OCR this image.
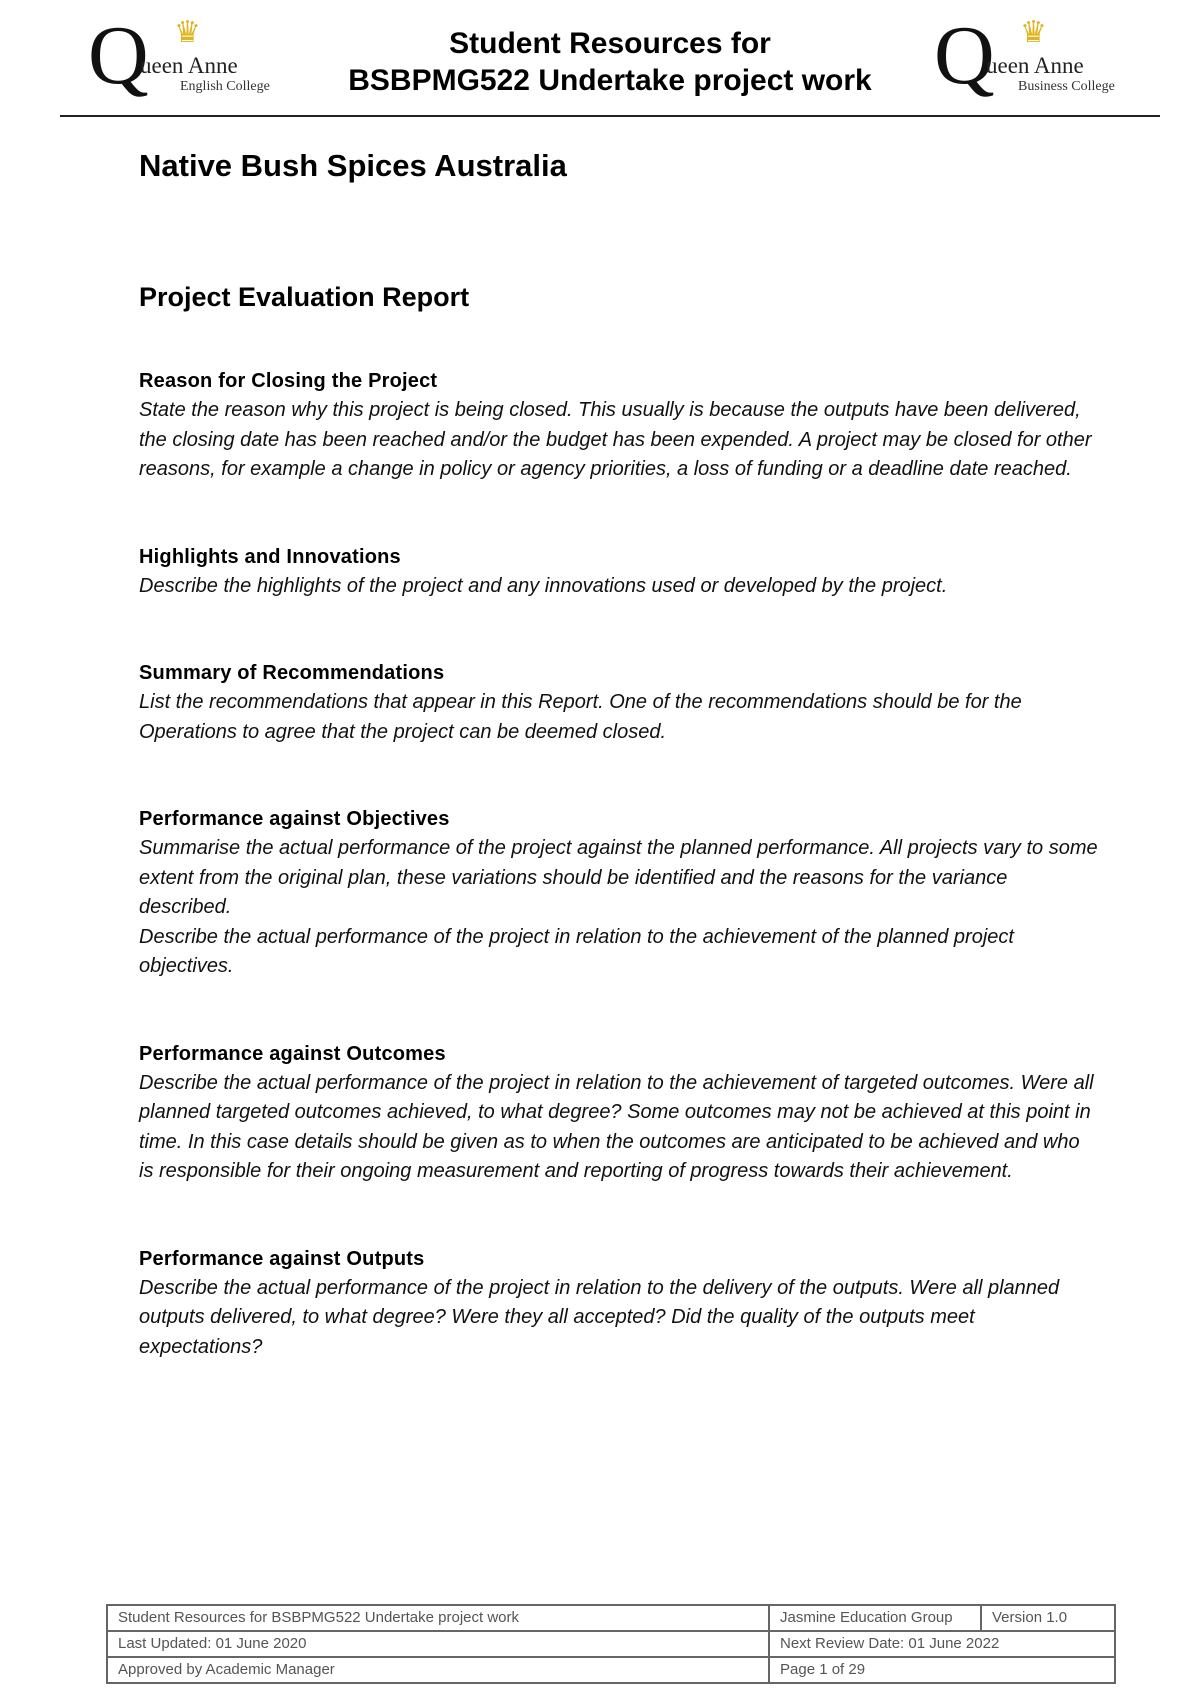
Q ♛
ueen Anne
English College
Student Resources for
BSBPMG522 Undertake project work Q ♛
ueen Anne
Business College
Native Bush Spices Australia
Project Evaluation Report
Reason for Closing the Project

State the reason why this project is being closed. This usually is because the outputs have been delivered, the closing date has been reached and/or the budget has been expended. A project may be closed for other reasons, for example a change in policy or agency priorities, a loss of funding or a deadline date reached.

Highlights and Innovations

Describe the highlights of the project and any innovations used or developed by the project.

Summary of Recommendations

List the recommendations that appear in this Report. One of the recommendations should be for the Operations to agree that the project can be deemed closed.

Performance against Objectives

Summarise the actual performance of the project against the planned performance. All projects vary to some extent from the original plan, these variations should be identified and the reasons for the variance described.

Describe the actual performance of the project in relation to the achievement of the planned project objectives.

Performance against Outcomes

Describe the actual performance of the project in relation to the achievement of targeted outcomes. Were all planned targeted outcomes achieved, to what degree? Some outcomes may not be achieved at this point in time. In this case details should be given as to when the outcomes are anticipated to be achieved and who is responsible for their ongoing measurement and reporting of progress towards their achievement.

Performance against Outputs

Describe the actual performance of the project in relation to the delivery of the outputs. Were all planned outputs delivered, to what degree? Were they all accepted? Did the quality of the outputs meet expectations?

Student Resources for BSBPMG522 Undertake project work	Jasmine Education Group	Version 1.0
Last Updated: 01 June 2020	Next Review Date: 01 June 2022	
Approved by Academic Manager	Page 1 of 29	
